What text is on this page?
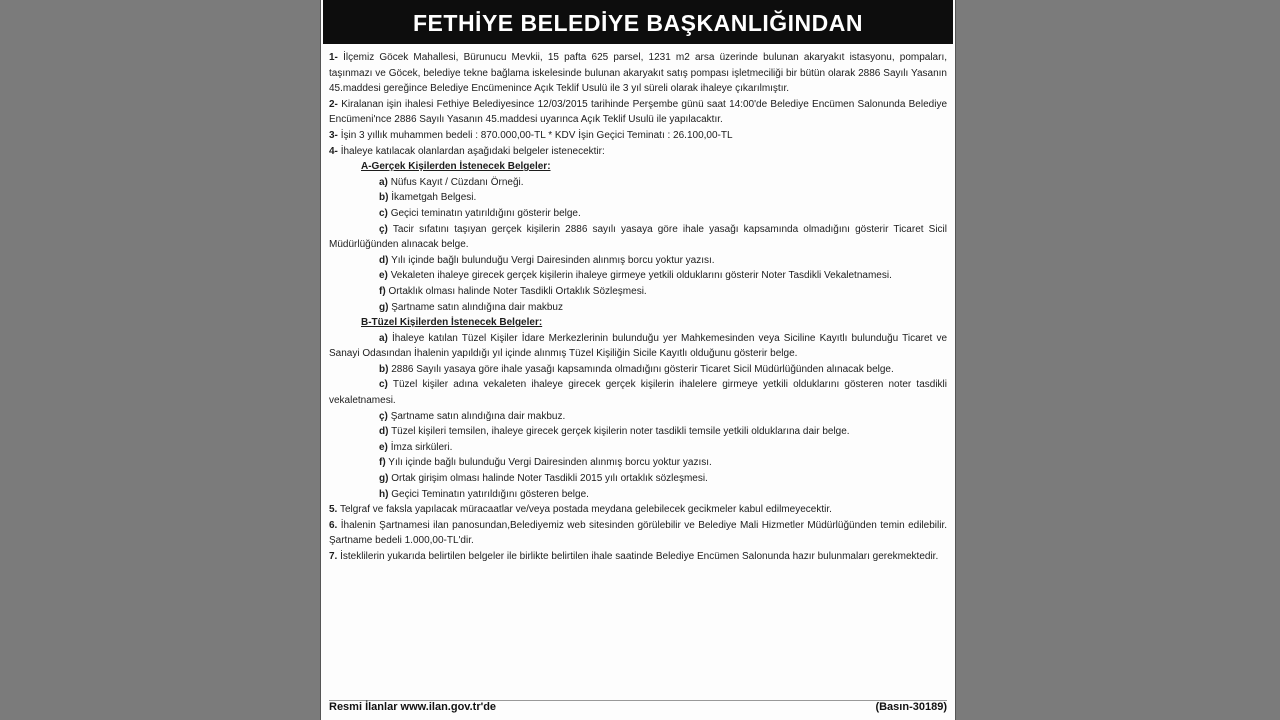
FETHİYE BELEDİYE BAŞKANLIĞINDAN

1- İlçemiz Göcek Mahallesi, Bürunucu Mevkii, 15 pafta 625 parsel, 1231 m2 arsa üzerinde bulunan akaryakıt istasyonu, pompaları, taşınmazı ve Göcek, belediye tekne bağlama iskelesinde bulunan akaryakıt satış pompası işletmeciliği bir bütün olarak 2886 Sayılı Yasanın 45.maddesi gereğince Belediye Encümenince Açık Teklif Usulü ile 3 yıl süreli olarak ihaleye çıkarılmıştır.

2- Kiralanan işin ihalesi Fethiye Belediyesince 12/03/2015 tarihinde Perşembe günü saat 14:00'de Belediye Encümen Salonunda Belediye Encümeni'nce 2886 Sayılı Yasanın 45.maddesi uyarınca Açık Teklif Usulü ile yapılacaktır.

3- İşin 3 yıllık muhammen bedeli : 870.000,00-TL * KDV İşin Geçici Teminatı : 26.100,00-TL

4- İhaleye katılacak olanlardan aşağıdaki belgeler istenecektir:

A-Gerçek Kişilerden İstenecek Belgeler:

a) Nüfus Kayıt / Cüzdanı Örneği.

b) İkametgah Belgesi.

c) Geçici teminatın yatırıldığını gösterir belge.

ç) Tacir sıfatını taşıyan gerçek kişilerin 2886 sayılı yasaya göre ihale yasağı kapsamında olmadığını gösterir Ticaret Sicil Müdürlüğünden alınacak belge.

d) Yılı içinde bağlı bulunduğu Vergi Dairesinden alınmış borcu yoktur yazısı.

e) Vekaleten ihaleye girecek gerçek kişilerin ihaleye girmeye yetkili olduklarını gösterir Noter Tasdikli Vekaletnamesi.

f) Ortaklık olması halinde Noter Tasdikli Ortaklık Sözleşmesi.

g) Şartname satın alındığına dair makbuz

B-Tüzel Kişilerden İstenecek Belgeler:

a) İhaleye katılan Tüzel Kişiler İdare Merkezlerinin bulunduğu yer Mahkemesinden veya Siciline Kayıtlı bulunduğu Ticaret ve Sanayi Odasından İhalenin yapıldığı yıl içinde alınmış Tüzel Kişiliğin Sicile Kayıtlı olduğunu gösterir belge.

b) 2886 Sayılı yasaya göre ihale yasağı kapsamında olmadığını gösterir Ticaret Sicil Müdürlüğünden alınacak belge.

c) Tüzel kişiler adına vekaleten ihaleye girecek gerçek kişilerin ihalelere girmeye yetkili olduklarını gösteren noter tasdikli vekaletnamesi.

ç) Şartname satın alındığına dair makbuz.

d) Tüzel kişileri temsilen, ihaleye girecek gerçek kişilerin noter tasdikli temsile yetkili olduklarına dair belge.

e) İmza sirküleri.

f) Yılı içinde bağlı bulunduğu Vergi Dairesinden alınmış borcu yoktur yazısı.

g) Ortak girişim olması halinde Noter Tasdikli 2015 yılı ortaklık sözleşmesi.

h) Geçici Teminatın yatırıldığını gösteren belge.

5. Telgraf ve faksla yapılacak müracaatlar ve/veya postada meydana gelebilecek gecikmeler kabul edilmeyecektir.

6. İhalenin Şartnamesi ilan panosundan,Belediyemiz web sitesinden görülebilir ve Belediye Mali Hizmetler Müdürlüğünden temin edilebilir. Şartname bedeli 1.000,00-TL'dir.

7. İsteklilerin yukarıda belirtilen belgeler ile birlikte belirtilen ihale saatinde Belediye Encümen Salonunda hazır bulunmaları gerekmektedir.

Resmi İlanlar www.ilan.gov.tr'de	(Basın-30189)
